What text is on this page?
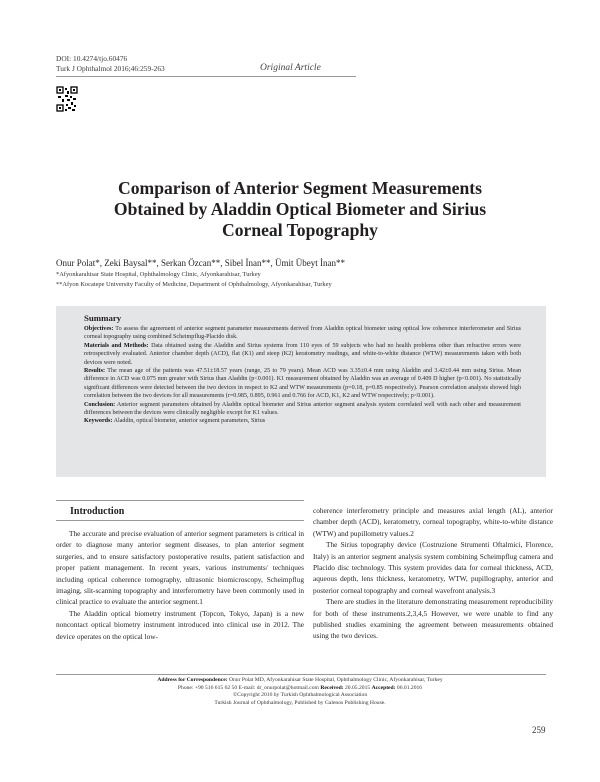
DOI: 10.4274/tjo.60476
Turk J Ophthalmol 2016;46:259-263	Original Article
Comparison of Anterior Segment Measurements
Obtained by Aladdin Optical Biometer and Sirius
Corneal Topography
Onur Polat*, Zeki Baysal**, Serkan Özcan**, Sibel İnan**, Ümit Übeyt İnan**
*Afyonkarahisar State Hospital, Ophthalmology Clinic, Afyonkarahisar, Turkey
**Afyon Kocatepe University Faculty of Medicine, Department of Ophthalmology, Afyonkarahisar, Turkey
Summary

Objectives: To assess the agreement of anterior segment parameter measurements derived from Aladdin optical biometer using optical low coherence interferometer and Sirius corneal topography using combined Scheimpflug-Placido disk.

Materials and Methods: Data obtained using the Aladdin and Sirius systems from 110 eyes of 59 subjects who had no health problems other than refractive errors were retrospectively evaluated. Anterior chamber depth (ACD), flat (K1) and steep (K2) keratometry readings, and white-to-white distance (WTW) measurements taken with both devices were noted.

Results: The mean age of the patients was 47.51±18.57 years (range, 25 to 79 years). Mean ACD was 3.35±0.4 mm using Aladdin and 3.42±0.44 mm using Sirius. Mean difference in ACD was 0.075 mm greater with Sirius than Aladdin (p<0.001). K1 measurement obtained by Aladdin was an average of 0.409 D higher (p<0.001). No statistically significant differences were detected between the two devices in respect to K2 and WTW measurements (p=0.18, p=0.85 respectively). Pearson correlation analysis showed high correlation between the two devices for all measurements (r=0.985, 0.895, 0.961 and 0.766 for ACD, K1, K2 and WTW respectively; p<0.001).

Conclusion: Anterior segment parameters obtained by Aladdin optical biometer and Sirius anterior segment analysis system correlated well with each other and measurement differences between the devices were clinically negligible except for K1 values.

Keywords: Aladdin, optical biometer, anterior segment parameters, Sirius

Introduction

The accurate and precise evaluation of anterior segment parameters is critical in order to diagnose many anterior segment diseases, to plan anterior segment surgeries, and to ensure satisfactory postoperative results, patient satisfaction and proper patient management. In recent years, various instruments/ techniques including optical coherence tomography, ultrasonic biomicroscopy, Scheimpflug imaging, slit-scanning topography and interferometry have been commonly used in clinical practice to evaluate the anterior segment.1

The Aladdin optical biometry instrument (Topcon, Tokyo, Japan) is a new noncontact optical biometry instrument introduced into clinical use in 2012. The device operates on the optical low-

coherence interferometry principle and measures axial length (AL), anterior chamber depth (ACD), keratometry, corneal topography, white-to-white distance (WTW) and pupillometry values.2

The Sirius topography device (Costruzione Strumenti Oftalmici, Florence, Italy) is an anterior segment analysis system combining Scheimpflug camera and Placido disc technology. This system provides data for corneal thickness, ACD, aqueous depth, lens thickness, keratometry, WTW, pupillography, anterior and posterior corneal topography and corneal wavefront analysis.3

There are studies in the literature demonstrating measurement reproducibility for both of these instruments.2,3,4,5 However, we were unable to find any published studies examining the agreement between measurements obtained using the two devices.

Address for Correspondence: Onur Polat MD, Afyonkarahisar State Hospital, Ophthalmology Clinic, Afyonkarahisar, Turkey
Phone: +90 516 615 62 50 E-mail: dr_onurpolat@hotmail.com Received: 20.05.2015 Accepted: 06.01.2016
©Copyright 2016 by Turkish Ophthalmological Association
Turkish Journal of Ophthalmology, Published by Galenos Publishing House.
259
